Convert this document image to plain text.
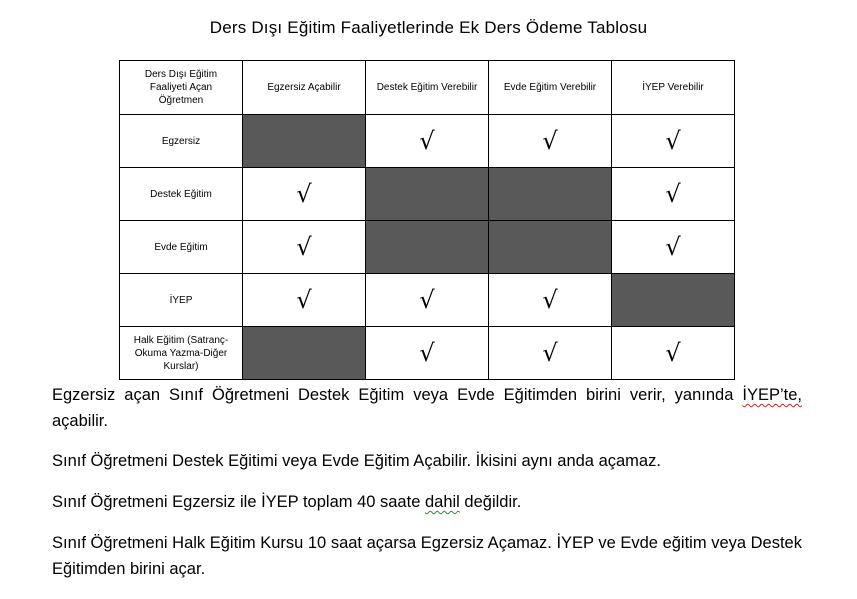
Ders Dışı Eğitim Faaliyetlerinde Ek Ders Ödeme Tablosu
Ders Dışı Eğitim Faaliyeti Açan Öğretmen	Egzersiz Açabilir	Destek Eğitim Verebilir	Evde Eğitim Verebilir	İYEP Verebilir

Egzersiz		√	√	√

Destek Eğitim	√			√

Evde Eğitim	√			√

İYEP	√	√	√	

Halk Eğitim (Satranç-Okuma Yazma-Diğer Kurslar)		√	√	√

Egzersiz açan Sınıf Öğretmeni Destek Eğitim veya Evde Eğitimden birini verir, yanında İYEP’te, açabilir.

Sınıf Öğretmeni Destek Eğitimi veya Evde Eğitim Açabilir. İkisini aynı anda açamaz.

Sınıf Öğretmeni Egzersiz ile İYEP toplam 40 saate dahil değildir.

Sınıf Öğretmeni Halk Eğitim Kursu 10 saat açarsa Egzersiz Açamaz. İYEP ve Evde eğitim veya Destek Eğitimden birini açar.
